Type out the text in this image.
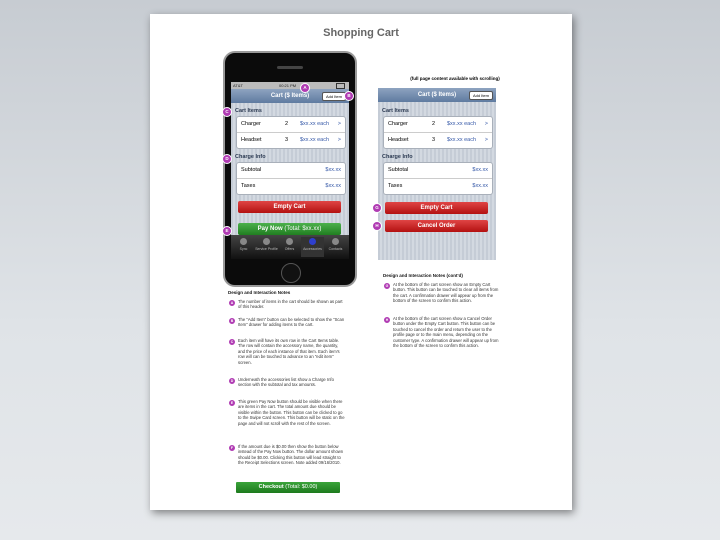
Shopping Cart
AT&T	00:21 PM
Cart ($ Items)	Add Item
Cart Items
Charger	2 $xx.xx each >
Headset	3 $xx.xx each >
Charge Info
Subtotal	$xx.xx
Taxes	$xx.xx
Empty Cart
Pay Now (Total: $xx.xx)
Sync	Service Profile	Offers	Accessories	Contacts
A
B
C
D
E
(full page content available with scrolling)
Cart ($ Items)	Add Item
Cart Items
Charger	2 $xx.xx each >
Headset	3 $xx.xx each >
Charge Info
Subtotal	$xx.xx
Taxes	$xx.xx
Empty Cart
Cancel Order
G
H
Design and Interaction Notes
A	The number of items in the cart should be shown as part of this header.
B	The "Add Item" button can be selected to show the "Scan Item" drawer for adding items to the cart.
C	Each item will have its own row in the Cart Items table. The row will contain the accessory name, the quantity, and the price of each instance of that item. Each item's row will can be touched to advance to an "edit item" screen.
D	Underneath the accessories list show a Charge Info section with the subtotal and tax amounts.
E	This green Pay Now button should be visible when there are items in the cart. The total amount due should be visible within the button. This button can be clicked to go to the Swipe Card screen. This button will be static on the page and will not scroll with the rest of the screen.
F	If the amount due is $0.00 then show the button below instead of the Pay Now button. The dollar amount shown should be $0.00. Clicking this button will lead straight to the Receipt Selections screen. Note added 09/16/2010.
Checkout (Total: $0.00)
Design and Interaction Notes (cont'd)
G	At the bottom of the cart screen show an Empty Cart button. This button can be touched to clear all items from the cart. A confirmation drawer will appear up from the bottom of the screen to confirm this action.
H	At the bottom of the cart screen show a Cancel Order button under the Empty Cart button. This button can be touched to cancel the order and return the user to the profile page or to the main menu, depending on the customer type. A confirmation drawer will appear up from the bottom of the screen to confirm this action.
